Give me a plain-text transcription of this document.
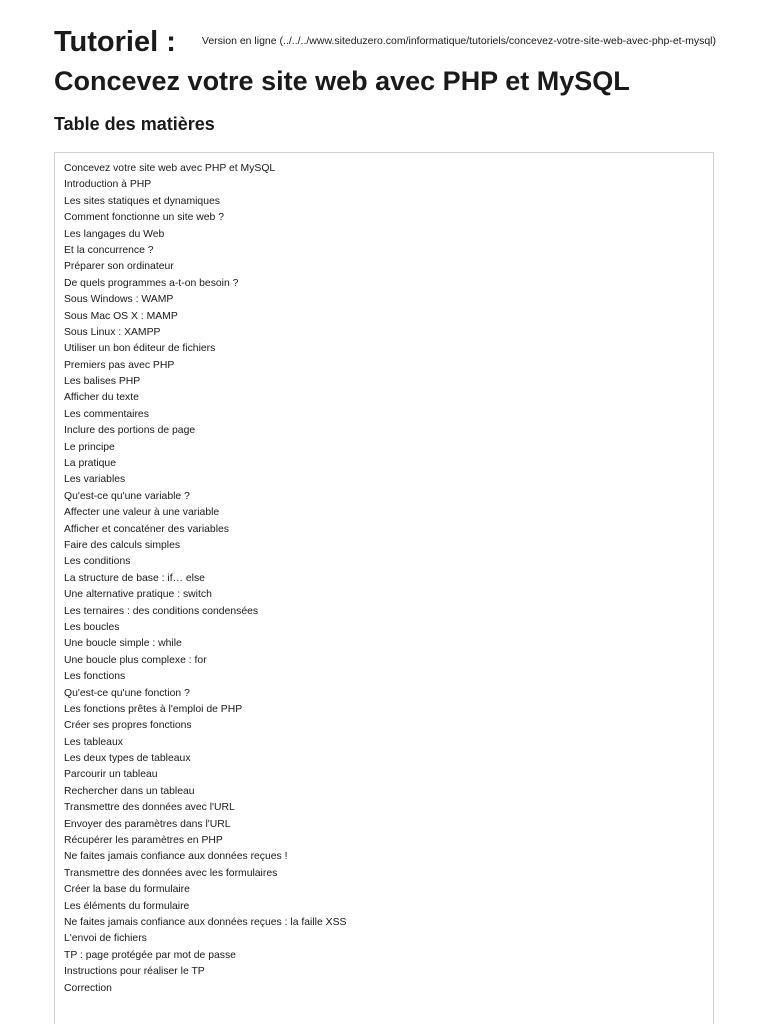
Tutoriel : Version en ligne (../../../www.siteduzero.com/informatique/tutoriels/concevez-votre-site-web-avec-php-et-mysql)
Concevez votre site web avec PHP et MySQL
Table des matières
Concevez votre site web avec PHP et MySQL
Introduction à PHP
Les sites statiques et dynamiques
Comment fonctionne un site web ?
Les langages du Web
Et la concurrence ?
Préparer son ordinateur
De quels programmes a-t-on besoin ?
Sous Windows : WAMP
Sous Mac OS X : MAMP
Sous Linux : XAMPP
Utiliser un bon éditeur de fichiers
Premiers pas avec PHP
Les balises PHP
Afficher du texte
Les commentaires
Inclure des portions de page
Le principe
La pratique
Les variables
Qu'est-ce qu'une variable ?
Affecter une valeur à une variable
Afficher et concaténer des variables
Faire des calculs simples
Les conditions
La structure de base : if… else
Une alternative pratique : switch
Les ternaires : des conditions condensées
Les boucles
Une boucle simple : while
Une boucle plus complexe : for
Les fonctions
Qu'est-ce qu'une fonction ?
Les fonctions prêtes à l'emploi de PHP
Créer ses propres fonctions
Les tableaux
Les deux types de tableaux
Parcourir un tableau
Rechercher dans un tableau
Transmettre des données avec l'URL
Envoyer des paramètres dans l'URL
Récupérer les paramètres en PHP
Ne faites jamais confiance aux données reçues !
Transmettre des données avec les formulaires
Créer la base du formulaire
Les éléments du formulaire
Ne faites jamais confiance aux données reçues : la faille XSS
L'envoi de fichiers
TP : page protégée par mot de passe
Instructions pour réaliser le TP
Correction
